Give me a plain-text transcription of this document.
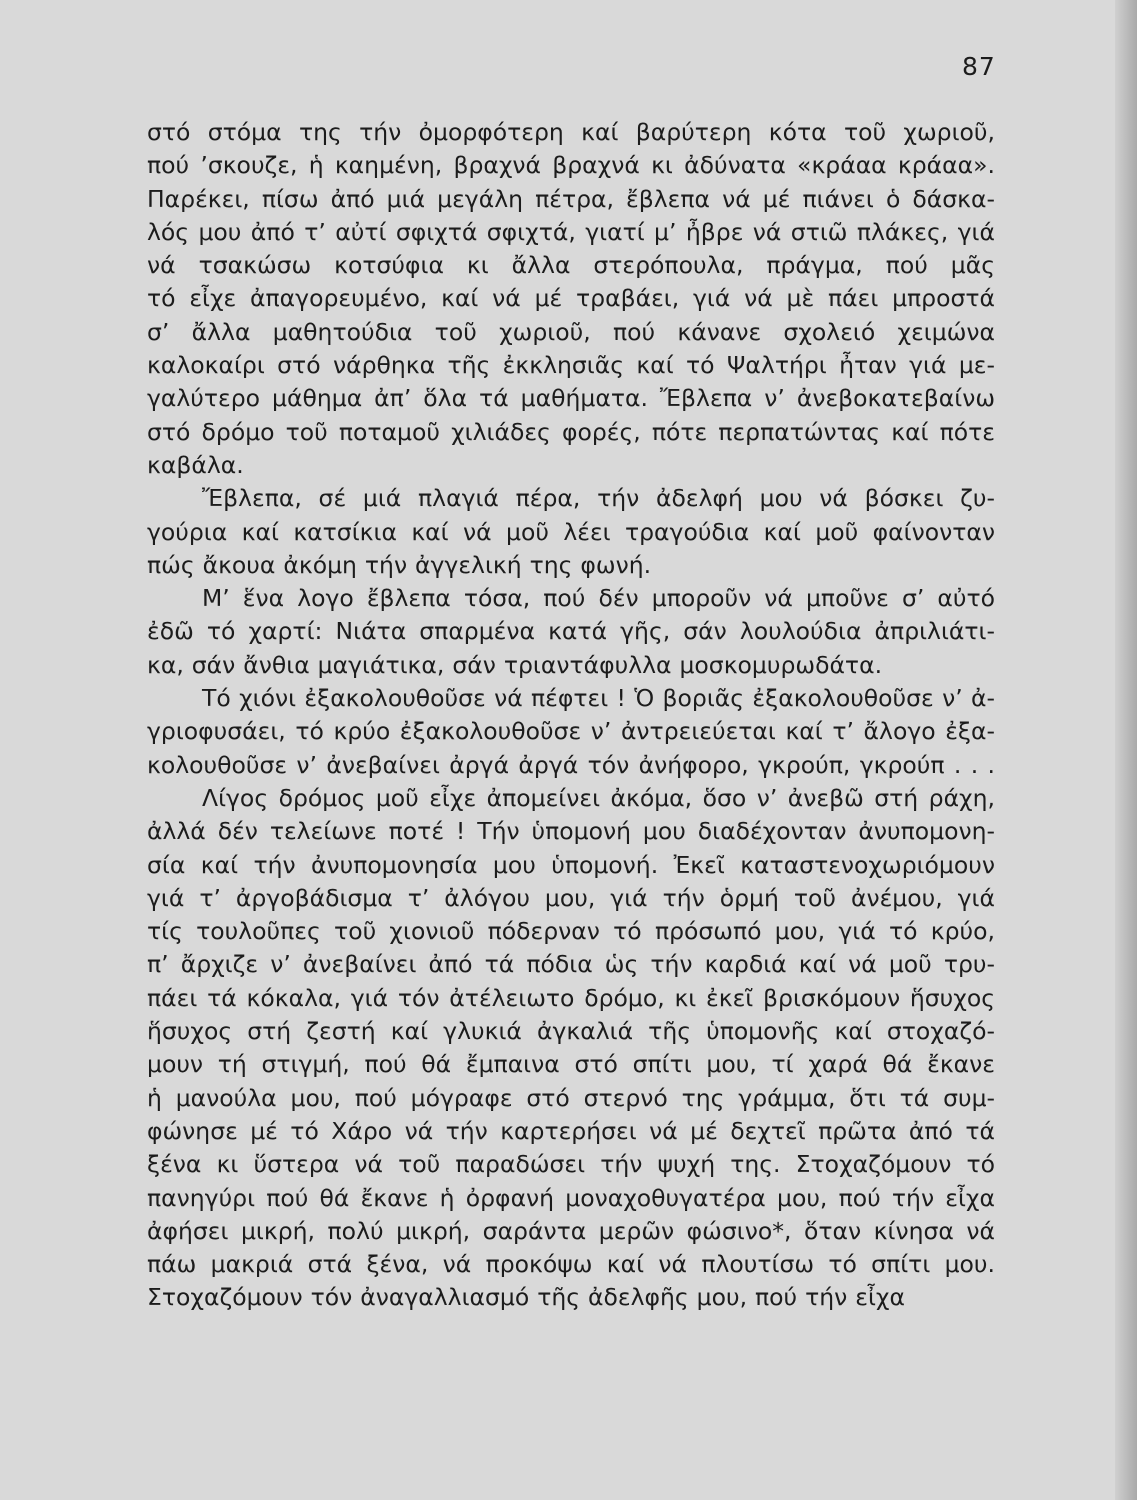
87
στό στόμα της τήν ὀμορφότερη καί βαρύτερη κότα τοῦ χωριοῦ,
πού ’σκουζε, ἡ καημένη, βραχνά βραχνά κι ἀδύνατα «κράαα κράαα».
Παρέκει, πίσω ἀπό μιά μεγάλη πέτρα, ἔβλεπα νά μέ πιάνει ὁ δάσκα-
λός μου ἀπό τ’ αὐτί σφιχτά σφιχτά, γιατί μ’ ἦβρε νά στιῶ πλάκες, γιά
νά τσακώσω κοτσύφια κι ἄλλα στερόπουλα, πράγμα, πού μᾶς
τό εἶχε ἀπαγορευμένο, καί νά μέ τραβάει, γιά νά μὲ πάει μπροστά
σ’ ἄλλα μαθητούδια τοῦ χωριοῦ, πού κάνανε σχολειό χειμώνα
καλοκαίρι στό νάρθηκα τῆς ἐκκλησιᾶς καί τό Ψαλτήρι ἦταν γιά με-
γαλύτερο μάθημα ἀπ’ ὅλα τά μαθήματα. Ἔβλεπα ν’ ἀνεβοκατεβαίνω
στό δρόμο τοῦ ποταμοῦ χιλιάδες φορές, πότε περπατώντας καί πότε
καβάλα.
Ἔβλεπα, σέ μιά πλαγιά πέρα, τήν ἀδελφή μου νά βόσκει ζυ-
γούρια καί κατσίκια καί νά μοῦ λέει τραγούδια καί μοῦ φαίνονταν
πώς ἄκουα ἀκόμη τήν ἀγγελική της φωνή.
Μ’ ἕνα λογο ἔβλεπα τόσα, πού δέν μποροῦν νά μποῦνε σ’ αὐτό
ἐδῶ τό χαρτί: Νιάτα σπαρμένα κατά γῆς, σάν λουλούδια ἀπριλιάτι-
κα, σάν ἄνθια μαγιάτικα, σάν τριαντάφυλλα μοσκομυρωδάτα.
Τό χιόνι ἐξακολουθοῦσε νά πέφτει ! Ὁ βοριᾶς ἐξακολουθοῦσε ν’ ἀ-
γριοφυσάει, τό κρύο ἐξακολουθοῦσε ν’ ἀντρειεύεται καί τ’ ἄλογο ἐξα-
κολουθοῦσε ν’ ἀνεβαίνει ἀργά ἀργά τόν ἀνήφορο, γκρούπ, γκρούπ . . .
Λίγος δρόμος μοῦ εἶχε ἀπομείνει ἀκόμα, ὅσο ν’ ἀνεβῶ στή ράχη,
ἀλλά δέν τελείωνε ποτέ ! Τήν ὑπομονή μου διαδέχονταν ἀνυπομονη-
σία καί τήν ἀνυπομονησία μου ὑπομονή. Ἐκεῖ καταστενοχωριόμουν
γιά τ’ ἀργοβάδισμα τ’ ἀλόγου μου, γιά τήν ὁρμή τοῦ ἀνέμου, γιά
τίς τουλοῦπες τοῦ χιονιοῦ πόδερναν τό πρόσωπό μου, γιά τό κρύο,
π’ ἄρχιζε ν’ ἀνεβαίνει ἀπό τά πόδια ὡς τήν καρδιά καί νά μοῦ τρυ-
πάει τά κόκαλα, γιά τόν ἀτέλειωτο δρόμο, κι ἐκεῖ βρισκόμουν ἥσυχος
ἥσυχος στή ζεστή καί γλυκιά ἀγκαλιά τῆς ὑπομονῆς καί στοχαζό-
μουν τή στιγμή, πού θά ἔμπαινα στό σπίτι μου, τί χαρά θά ἔκανε
ἡ μανούλα μου, πού μόγραφε στό στερνό της γράμμα, ὅτι τά συμ-
φώνησε μέ τό Χάρο νά τήν καρτερήσει νά μέ δεχτεῖ πρῶτα ἀπό τά
ξένα κι ὕστερα νά τοῦ παραδώσει τήν ψυχή της. Στοχαζόμουν τό
πανηγύρι πού θά ἔκανε ἡ ὀρφανή μοναχοθυγατέρα μου, πού τήν εἶχα
ἀφήσει μικρή, πολύ μικρή, σαράντα μερῶν φώσινο*, ὅταν κίνησα νά
πάω μακριά στά ξένα, νά προκόψω καί νά πλουτίσω τό σπίτι μου.
Στοχαζόμουν τόν ἀναγαλλιασμό τῆς ἀδελφῆς μου, πού τήν εἶχα
